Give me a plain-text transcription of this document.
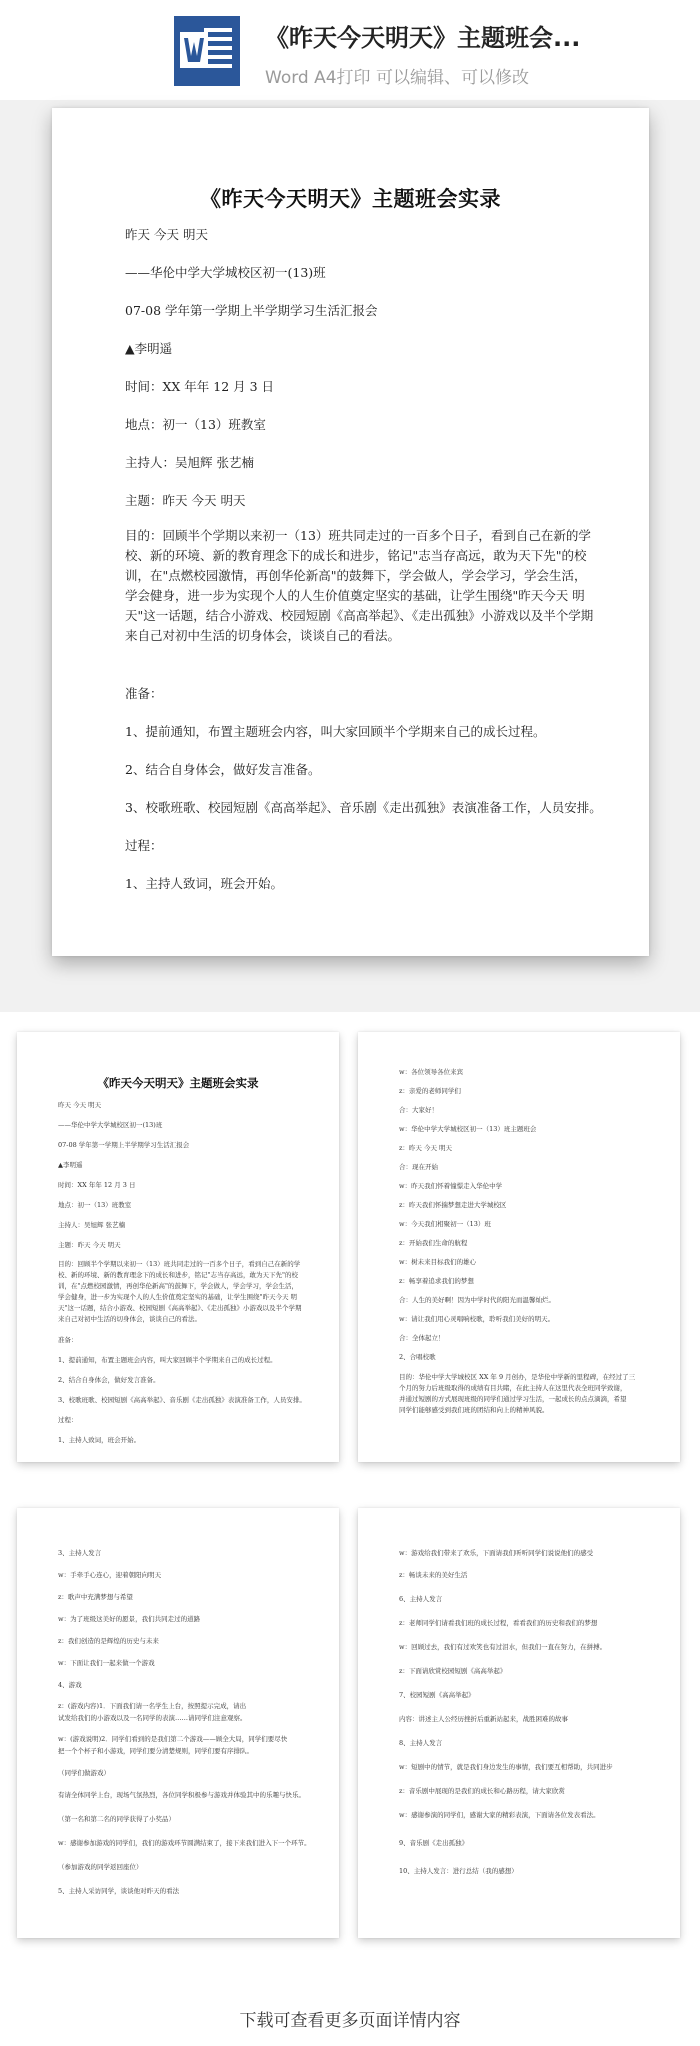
《昨天今天明天》主题班会...
Word A4打印 可以编辑、可以修改
《昨天今天明天》主题班会实录
昨天 今天 明天
——华伦中学大学城校区初一(13)班
07-08 学年第一学期上半学期学习生活汇报会
▲李明遥
时间：XX 年年 12 月 3 日
地点：初一（13）班教室
主持人：吴旭辉 张艺楠
主题：昨天 今天 明天
目的：回顾半个学期以来初一（13）班共同走过的一百多个日子，看到自己在新的学
校、新的环境、新的教育理念下的成长和进步，铭记"志当存高远，敢为天下先"的校
训，在"点燃校园激情，再创华伦新高"的鼓舞下，学会做人，学会学习，学会生活，
学会健身，进一步为实现个人的人生价值奠定坚实的基础，让学生围绕"昨天今天 明
天"这一话题，结合小游戏、校园短剧《高高举起》、《走出孤独》小游戏以及半个学期
来自己对初中生活的切身体会，谈谈自己的看法。
准备：
1、提前通知，布置主题班会内容，叫大家回顾半个学期来自己的成长过程。
2、结合自身体会，做好发言准备。
3、校歌班歌、校园短剧《高高举起》、音乐剧《走出孤独》表演准备工作，人员安排。
过程：
1、主持人致词，班会开始。
《昨天今天明天》主题班会实录
昨天 今天 明天
——华伦中学大学城校区初一(13)班
07-08 学年第一学期上半学期学习生活汇报会
▲李明遥
时间：XX 年年 12 月 3 日
地点：初一（13）班教室
主持人：吴旭辉 张艺楠
主题：昨天 今天 明天
目的：回顾半个学期以来初一（13）班共同走过的一百多个日子，看到自己在新的学
校、新的环境、新的教育理念下的成长和进步，铭记"志当存高远，敢为天下先"的校
训，在"点燃校园激情，再创华伦新高"的鼓舞下，学会做人，学会学习，学会生活，
学会健身，进一步为实现个人的人生价值奠定坚实的基础，让学生围绕"昨天今天 明
天"这一话题，结合小游戏、校园短剧《高高举起》、《走出孤独》小游戏以及半个学期
来自己对初中生活的切身体会，谈谈自己的看法。
准备：
1、提前通知，布置主题班会内容，叫大家回顾半个学期来自己的成长过程。
2、结合自身体会，做好发言准备。
3、校歌班歌、校园短剧《高高举起》、音乐剧《走出孤独》表演准备工作，人员安排。
过程：
1、主持人致词，班会开始。
w：各位领导各位来宾
z：亲爱的老师同学们
合：大家好！
w：华伦中学大学城校区初一（13）班主题班会
z：昨天 今天 明天
合：现在开始
w：昨天我们怀着憧憬走入华伦中学
z：昨天我们怀揣梦想走进大学城校区
w：今天我们相聚初一（13）班
z：开始我们生命的航程
w：树未来目标我们的雄心
z：畅享着追求我们的梦想
合：人生的美好啊！因为中学时代的阳光而温馨灿烂。
w：请让我们用心灵唱响校歌，聆听我们美好的明天。
合：全体起立！
2、合唱校歌
目的：华伦中学大学城校区 XX 年 9 月创办，是华伦中学新的里程碑，在经过了三
个月的努力后班级取得的成绩有目共睹，在此主持人在这里代表全班同学致谢，
并通过短剧的方式展现班级的同学们通过学习生活，一起成长的点点滴滴，希望
同学们能够感受到我们班的团结和向上的精神风貌。
3、主持人发言
w：手牵手心连心，迎着朝阳向明天
z：歌声中充满梦想与希望
w：为了班级这美好的愿景，我们共同走过的道路
z：我们创造的是辉煌的历史与未来
w：下面让我们一起来做一个游戏
4、游戏
z：(游戏内容)1．下面我们请一名学生上台，按照提示完成，请出
试发给我们的小游戏以及一名同学的表演……请同学们注意观察。
w：(游戏说明)2．同学们看到的是我们第二个游戏——顾全大局，同学们要尽快
把一个个杯子和小游戏，同学们要分清楚规则，同学们要有序排队。
（同学们做游戏）
有请全体同学上台，现场气氛热烈，各位同学积极参与游戏并体验其中的乐趣与快乐。
（第一名和第二名的同学获得了小奖品）
w：感谢参加游戏的同学们，我们的游戏环节圆满结束了，接下来我们进入下一个环节。
（参加游戏的同学返回座位）
5、主持人采访同学，谈谈他对昨天的看法
w：游戏给我们带来了欢乐，下面请我们听听同学们说说他们的感受
z：畅谈未来的美好生活
6、主持人发言
z：老师同学们请看我们班的成长过程，看看我们的历史和我们的梦想
w：回顾过去，我们有过欢笑也有过泪水，但我们一直在努力，在拼搏。
z：下面请欣赏校园短剧《高高举起》
7、校园短剧《高高举起》
内容：讲述主人公经历挫折后重新站起来，战胜困难的故事
8、主持人发言
w：短剧中的情节，就是我们身边发生的事情，我们要互相帮助，共同进步
z：音乐剧中展现的是我们的成长和心路历程，请大家欣赏
w：感谢参演的同学们，感谢大家的精彩表演，下面请各位发表看法。
9、音乐剧《走出孤独》
10、主持人发言：进行总结（我的感想）
下载可查看更多页面详情内容
